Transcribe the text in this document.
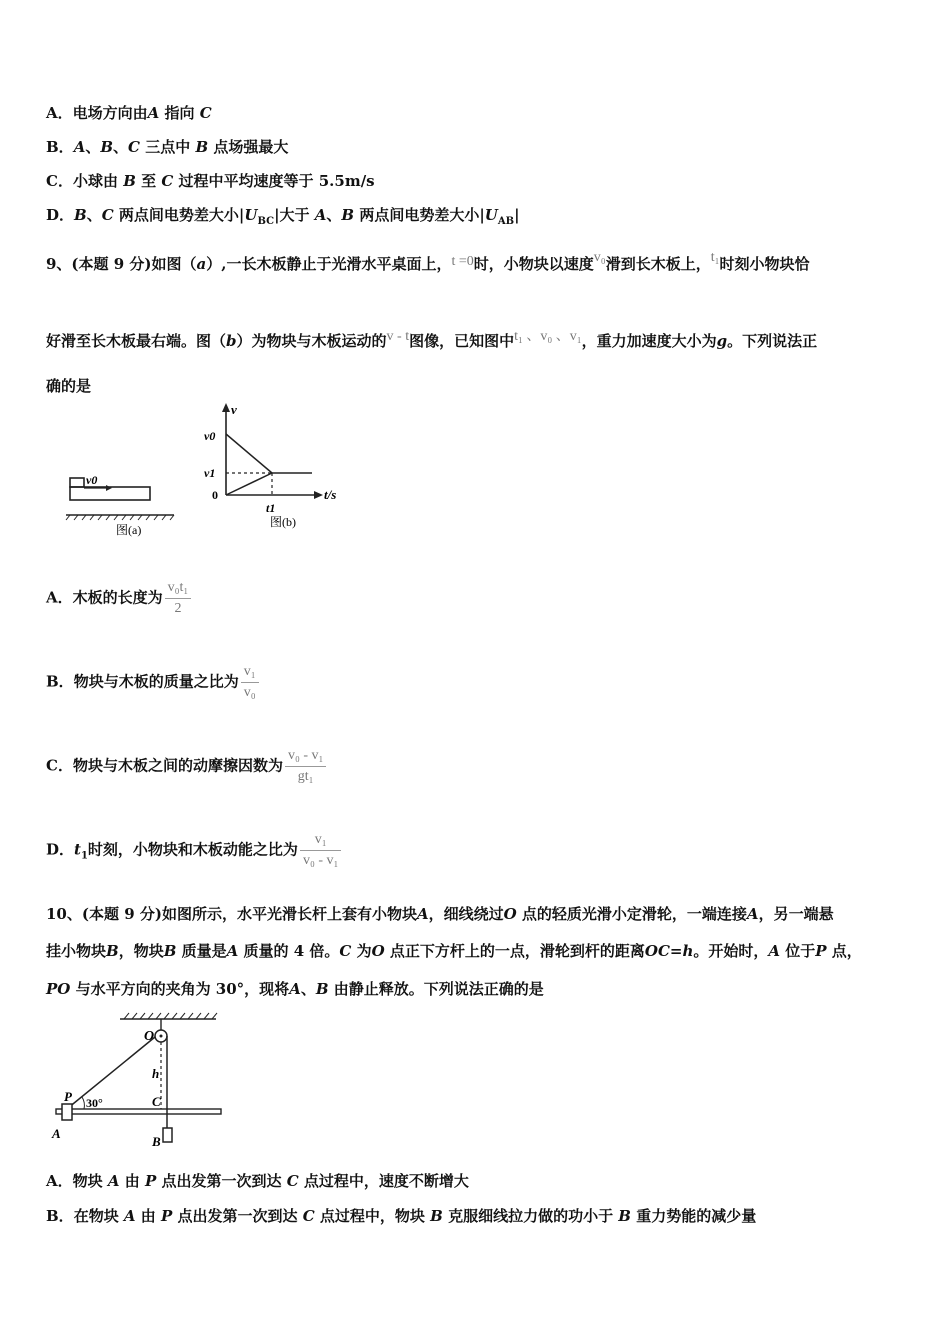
A．电场方向由A 指向 C
B．A、B、C 三点中 B 点场强最大
C．小球由 B 至 C 过程中平均速度等于 5.5m/s
D．B、C 两点间电势差大小$|U_{BC}|$大于 A、B 两点间电势差大小$|U_{AB}|$
9、(本题 9 分)如图（a）,一长木板静止于光滑水平桌面上，t =0时，小物块以速度v₀滑到长木板上，t₁时刻小物块恰
好滑至长木板最右端。图（b）为物块与木板运动的v - t图像，已知图中t₁ 、v₀ 、v₁，重力加速度大小为g。下列说法正
确的是
v0
图(a)
v
v0
v1
0
t1
t/s
图(b)
A．木板的长度为 $\frac{\text{v₀t₁}}{2}$
B．物块与木板的质量之比为 $\frac{\text{v₁}}{\text{v₀}}$
C．物块与木板之间的动摩擦因数为 $\frac{\text{v₀ - v₁}}{\text{gt₁}}$
D．$t_1$时刻，小物块和木板动能之比为 $\frac{\text{v₁}}{\text{v₀ - v₁}}$
10、(本题 9 分)如图所示，水平光滑长杆上套有小物块A，细线绕过O 点的轻质光滑小定滑轮，一端连接A，另一端悬
挂小物块B，物块B 质量是A 质量的 4 倍。C 为O 点正下方杆上的一点，滑轮到杆的距离OC=h。开始时，A 位于P 点，
PO 与水平方向的夹角为 30°，现将A、B 由静止释放。下列说法正确的是
O
h
P 30°	C
A
B
A．物块 A 由 P 点出发第一次到达 C 点过程中，速度不断增大
B．在物块 A 由 P 点出发第一次到达 C 点过程中，物块 B 克服细线拉力做的功小于 B 重力势能的减少量
